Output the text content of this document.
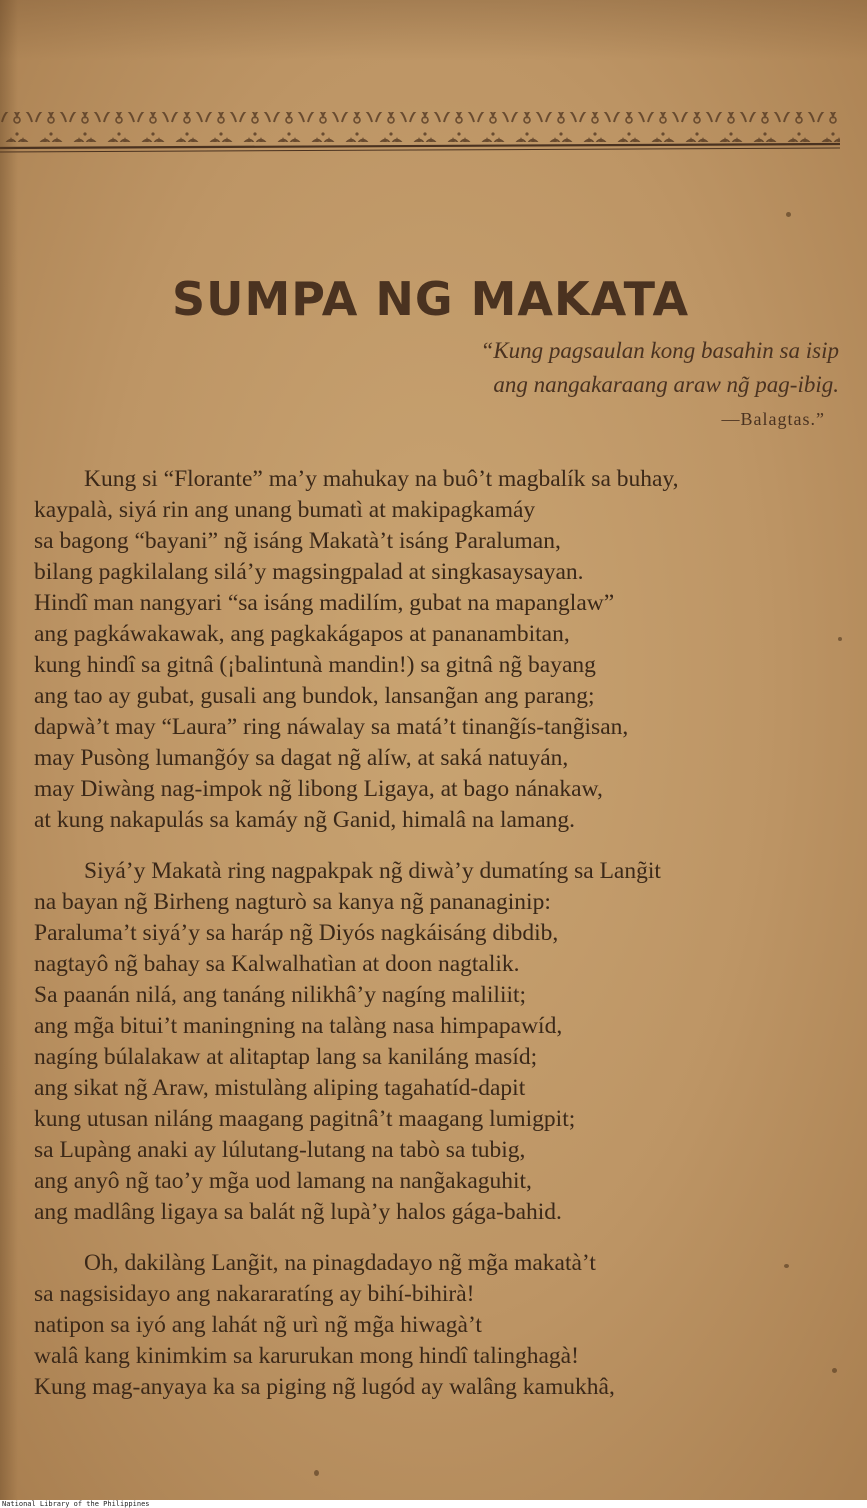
SUMPA NG MAKATA
“Kung pagsaulan kong basahin sa isip
ang nangakaraang araw ng̃ pag-ibig.
—Balagtas.”

Kung si “Florante” ma’y mahukay na buô’t magbalík sa buhay,
kaypalà, siyá rin ang unang bumatì at makipagkamáy
sa bagong “bayani” ng̃ isáng Makatà’t isáng Paraluman,
bilang pagkilalang silá’y magsingpalad at singkasaysayan.
Hindî man nangyari “sa isáng madilím, gubat na mapanglaw”
ang pagkáwakawak, ang pagkakágapos at pananambitan,
kung hindî sa gitnâ (¡balintunà mandin!) sa gitnâ ng̃ bayang
ang tao ay gubat, gusali ang bundok, lansang̃an ang parang;
dapwà’t may “Laura” ring náwalay sa matá’t tinang̃ís-tang̃isan,
may Pusòng lumang̃óy sa dagat ng̃ alíw, at saká natuyán,
may Diwàng nag-impok ng̃ libong Ligaya, at bago nánakaw,
at kung nakapulás sa kamáy ng̃ Ganid, himalâ na lamang.

Siyá’y Makatà ring nagpakpak ng̃ diwà’y dumatíng sa Lang̃it
na bayan ng̃ Birheng nagturò sa kanya ng̃ pananaginip:
Paraluma’t siyá’y sa haráp ng̃ Diyós nagkáisáng dibdib,
nagtayô ng̃ bahay sa Kalwalhatìan at doon nagtalik.
Sa paanán nilá, ang tanáng nilikhâ’y nagíng maliliit;
ang mg̃a bitui’t maningning na talàng nasa himpapawíd,
nagíng búlalakaw at alitaptap lang sa kaniláng masíd;
ang sikat ng̃ Araw, mistulàng aliping tagahatíd-dapit
kung utusan niláng maagang pagitnâ’t maagang lumigpit;
sa Lupàng anaki ay lúlutang-lutang na tabò sa tubig,
ang anyô ng̃ tao’y mg̃a uod lamang na nang̃akaguhit,
ang madlâng ligaya sa balát ng̃ lupà’y halos gága-bahid.

Oh, dakilàng Lang̃it, na pinagdadayo ng̃ mg̃a makatà’t
sa nagsisidayo ang nakararatíng ay bihí-bihirà!
natipon sa iyó ang lahát ng̃ urì ng̃ mg̃a hiwagà’t
walâ kang kinimkim sa karurukan mong hindî talinghagà!
Kung mag-anyaya ka sa piging ng̃ lugód ay walâng kamukhâ,

National Library of the Philippines
